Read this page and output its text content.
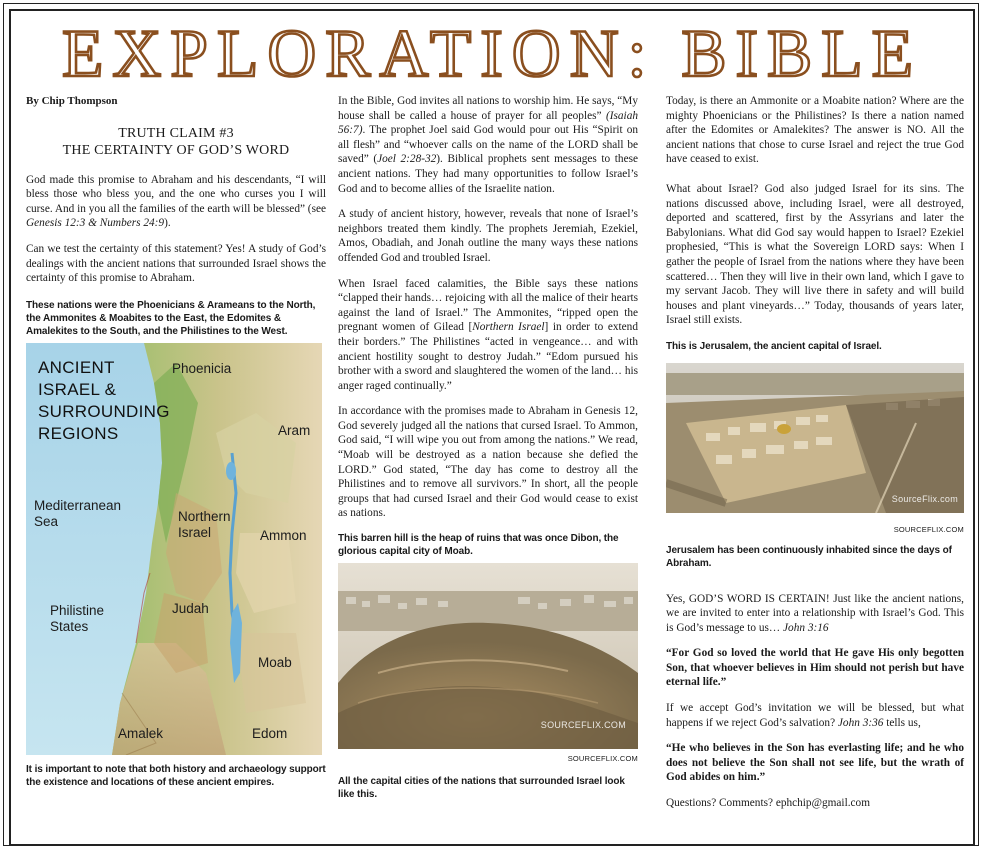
EXPLORATION: BIBLE
By Chip Thompson
TRUTH CLAIM #3
THE CERTAINTY OF GOD’S WORD

God made this promise to Abraham and his descendants, “I will bless those who bless you, and the one who curses you I will curse. And in you all the families of the earth will be blessed” (see Genesis 12:3 & Numbers 24:9).

Can we test the certainty of this statement? Yes! A study of God’s dealings with the ancient nations that surrounded Israel shows the certainty of this promise to Abraham.

These nations were the Phoenicians & Arameans to the North, the Ammonites & Moabites to the East, the Edomites & Amalekites to the South, and the Philistines to the West.
ANCIENT
ISRAEL &
SURROUNDING
REGIONS
Phoenicia
Aram
Mediterranean
Sea	Northern
Israel	Ammon
Philistine
States
Judah
Moab
Amalek	Edom
It is important to note that both history and archaeology support the existence and locations of these ancient empires.

In the Bible, God invites all nations to worship him. He says, “My house shall be called a house of prayer for all peoples” (Isaiah 56:7). The prophet Joel said God would pour out His “Spirit on all flesh” and “whoever calls on the name of the LORD shall be saved” (Joel 2:28-32). Biblical prophets sent messages to these ancient nations. They had many opportunities to follow Israel’s God and to become allies of the Israelite nation.

A study of ancient history, however, reveals that none of Israel’s neighbors treated them kindly. The prophets Jeremiah, Ezekiel, Amos, Obadiah, and Jonah outline the many ways these nations offended God and troubled Israel.

When Israel faced calamities, the Bible says these nations “clapped their hands… rejoicing with all the malice of their hearts against the land of Israel.” The Ammonites, “ripped open the pregnant women of Gilead [Northern Israel] in order to extend their borders.” The Philistines “acted in vengeance… and with ancient hostility sought to destroy Judah.” “Edom pursued his brother with a sword and slaughtered the women of the land… his anger raged continually.”

In accordance with the promises made to Abraham in Genesis 12, God severely judged all the nations that cursed Israel. To Ammon, God said, “I will wipe you out from among the nations.” We read, “Moab will be destroyed as a nation because she defied the LORD.” God stated, “The day has come to destroy all the Philistines and to remove all survivors.” In short, all the people groups that had cursed Israel and their God would cease to exist as nations.

This barren hill is the heap of ruins that was once Dibon, the glorious capital city of Moab.
SOURCEFLIX.COM
SOURCEFLIX.COM
All the capital cities of the nations that surrounded Israel look like this.

Today, is there an Ammonite or a Moabite nation? Where are the mighty Phoenicians or the Philistines? Is there a nation named after the Edomites or Amalekites? The answer is NO. All the ancient nations that chose to curse Israel and reject the true God have ceased to exist.

What about Israel? God also judged Israel for its sins. The nations discussed above, including Israel, were all destroyed, deported and scattered, first by the Assyrians and later the Babylonians. What did God say would happen to Israel? Ezekiel prophesied, “This is what the Sovereign LORD says: When I gather the people of Israel from the nations where they have been scattered… Then they will live in their own land, which I gave to my servant Jacob. They will live there in safety and will build houses and plant vineyards…” Today, thousands of years later, Israel still exists.

This is Jerusalem, the ancient capital of Israel.
SourceFlix.com
SOURCEFLIX.COM
Jerusalem has been continuously inhabited since the days of Abraham.

Yes, GOD’S WORD IS CERTAIN! Just like the ancient nations, we are invited to enter into a relationship with Israel’s God. This is God’s message to us… John 3:16

“For God so loved the world that He gave His only begotten Son, that whoever believes in Him should not perish but have eternal life.”

If we accept God’s invitation we will be blessed, but what happens if we reject God’s salvation? John 3:36 tells us,

“He who believes in the Son has everlasting life; and he who does not believe the Son shall not see life, but the wrath of God abides on him.”

Questions? Comments? ephchip@gmail.com
